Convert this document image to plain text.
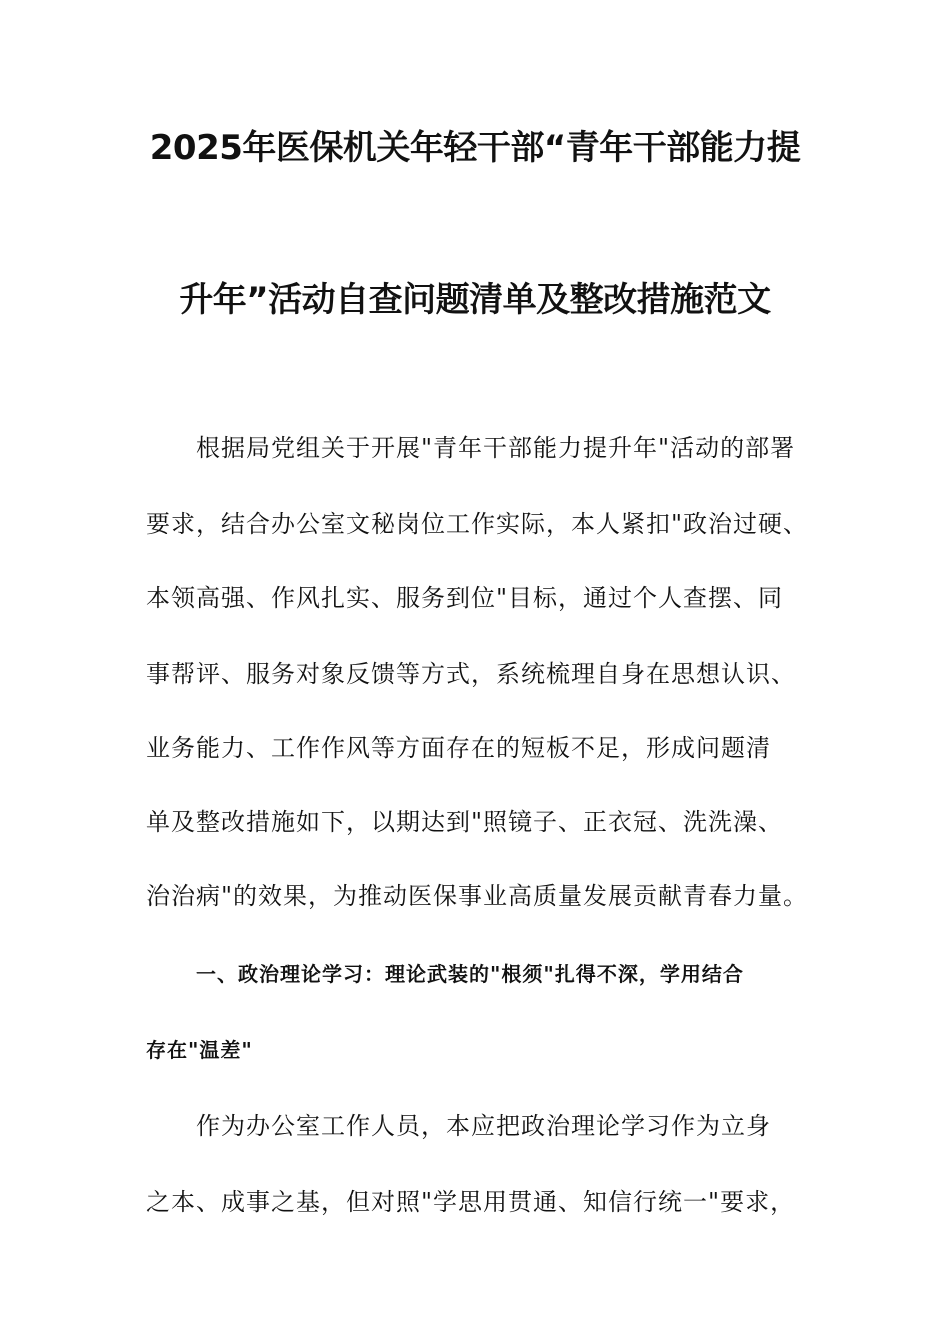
2025年医保机关年轻干部“青年干部能力提
升年”活动自查问题清单及整改措施范文
根据局党组关于开展"青年干部能力提升年"活动的部署
要求，结合办公室文秘岗位工作实际，本人紧扣"政治过硬、
本领高强、作风扎实、服务到位"目标，通过个人查摆、同
事帮评、服务对象反馈等方式，系统梳理自身在思想认识、
业务能力、工作作风等方面存在的短板不足，形成问题清
单及整改措施如下，以期达到"照镜子、正衣冠、洗洗澡、
治治病"的效果，为推动医保事业高质量发展贡献青春力量。
一、政治理论学习：理论武装的"根须"扎得不深，学用结合
存在"温差"
作为办公室工作人员，本应把政治理论学习作为立身
之本、成事之基，但对照"学思用贯通、知信行统一"要求，
